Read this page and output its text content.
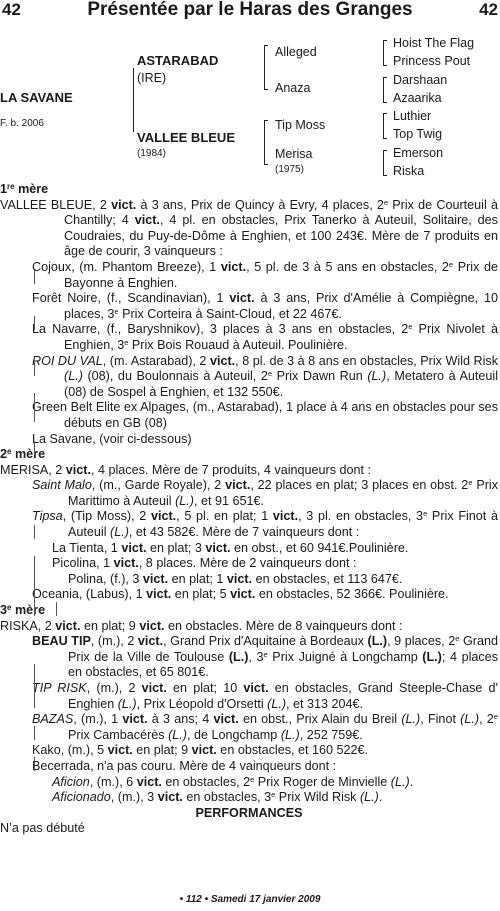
42	Présentée par le Haras des Granges	42
LA SAVANE
F. b. 2006
ASTARABAD
(IRE)
VALLEE BLEUE
(1984)
Alleged
Anaza
Tip Moss
Merisa
(1975)
Hoist The Flag
Princess Pout
Darshaan
Azaarika
Luthier
Top Twig
Emerson
Riska

1re mère

VALLEE BLEUE, 2 vict. à 3 ans, Prix de Quincy à Evry, 4 places, 2e Prix de Courteuil à Chantilly; 4 vict., 4 pl. en obstacles, Prix Tanerko à Auteuil, Solitaire, des Coudraies, du Puy-de-Dôme à Enghien, et 100 243€. Mère de 7 produits en âge de courir, 3 vainqueurs :

Cojoux, (m. Phantom Breeze), 1 vict., 5 pl. de 3 à 5 ans en obstacles, 2e Prix de Bayonne à Enghien.

Forêt Noire, (f., Scandinavian), 1 vict. à 3 ans, Prix d'Amélie à Compiègne, 10 places, 3e Prix Corteira à Saint-Cloud, et 22 467€.

La Navarre, (f., Baryshnikov), 3 places à 3 ans en obstacles, 2e Prix Nivolet à Enghien, 3e Prix Bois Rouaud à Auteuil. Poulinière.

ROI DU VAL, (m. Astarabad), 2 vict., 8 pl. de 3 à 8 ans en obstacles, Prix Wild Risk (L.) (08), du Boulonnais à Auteuil, 2e Prix Dawn Run (L.), Metatero à Auteuil (08) de Sospel à Enghien, et 132 550€.

Green Belt Elite ex Alpages, (m., Astarabad), 1 place à 4 ans en obstacles pour ses débuts en GB (08)

La Savane, (voir ci-dessous)

2e mère

MERISA, 2 vict., 4 places. Mère de 7 produits, 4 vainqueurs dont :

Saint Malo, (m., Garde Royale), 2 vict., 22 places en plat; 3 places en obst. 2e Prix Marittimo à Auteuil (L.), et 91 651€.

Tipsa, (Tip Moss), 2 vict., 5 pl. en plat; 1 vict., 3 pl. en obstacles, 3e Prix Finot à Auteuil (L.), et 43 582€. Mère de 7 vainqueurs dont :

La Tienta, 1 vict. en plat; 3 vict. en obst., et 60 941€.Poulinière.

Picolina, 1 vict., 8 places. Mère de 2 vainqueurs dont :

Polina, (f.), 3 vict. en plat; 1 vict. en obstacles, et 113 647€.

Oceania, (Labus), 1 vict. en plat; 5 vict. en obstacles, 52 366€. Poulinière.

3e mère

RISKA, 2 vict. en plat; 9 vict. en obstacles. Mère de 8 vainqueurs dont :

BEAU TIP, (m.), 2 vict., Grand Prix d'Aquitaine à Bordeaux (L.), 9 places, 2e Grand Prix de la Ville de Toulouse (L.), 3e Prix Juigné à Longchamp (L.); 4 places en obstacles, et 65 801€.

TIP RISK, (m.), 2 vict. en plat; 10 vict. en obstacles, Grand Steeple-Chase d' Enghien (L.), Prix Léopold d'Orsetti (L.), et 313 204€.

BAZAS, (m.), 1 vict. à 3 ans; 4 vict. en obst., Prix Alain du Breil (L.), Finot (L.), 2e Prix Cambacérès (L.), de Longchamp (L.), 252 759€.

Kako, (m.), 5 vict. en plat; 9 vict. en obstacles, et 160 522€.

Becerrada, n'a pas couru. Mère de 4 vainqueurs dont :

Aficion, (m.), 6 vict. en obstacles, 2e Prix Roger de Minvielle (L.).

Aficionado, (m.), 3 vict. en obstacles, 3e Prix Wild Risk (L.).

PERFORMANCES

N’a pas débuté

• 112 • Samedi 17 janvier 2009
